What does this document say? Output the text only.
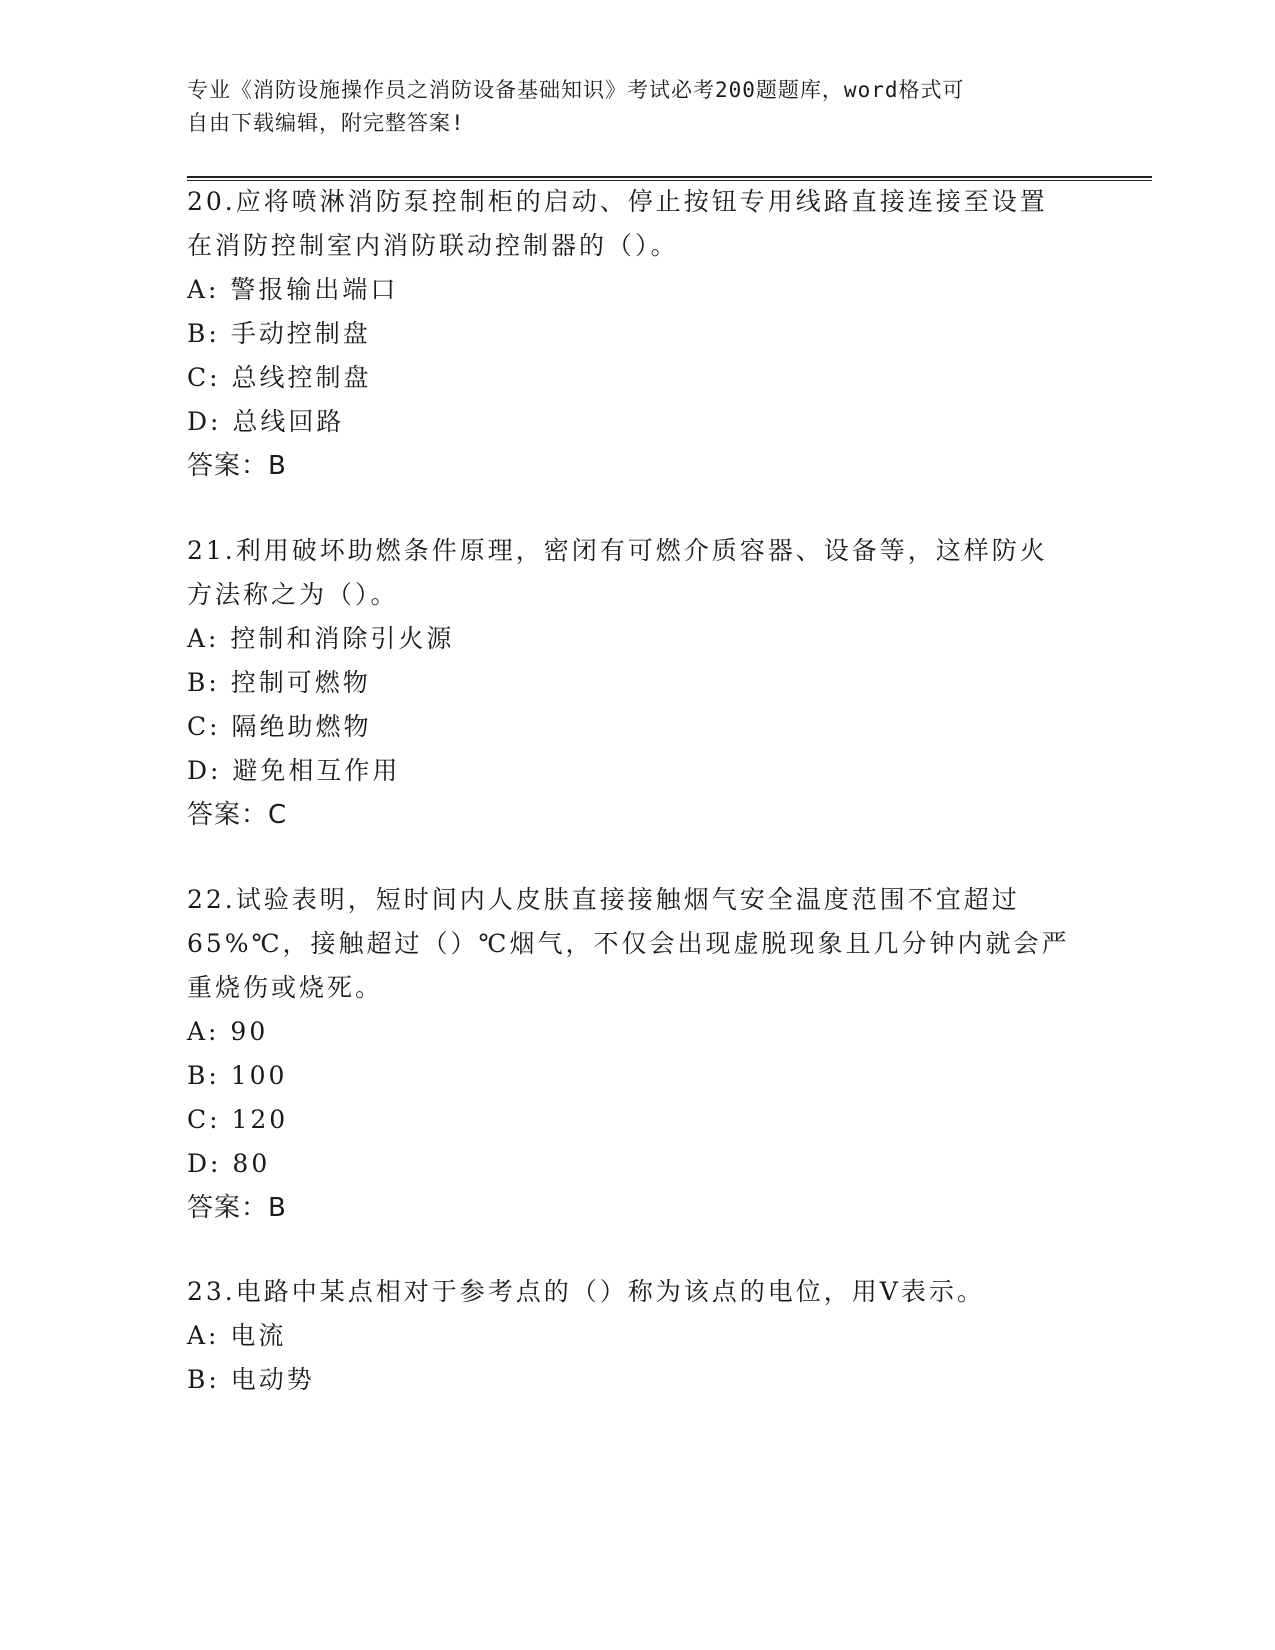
专业《消防设施操作员之消防设备基础知识》考试必考200题题库，word格式可
自由下载编辑，附完整答案!
20.应将喷淋消防泵控制柜的启动、停止按钮专用线路直接连接至设置
在消防控制室内消防联动控制器的（）。
A: 警报输出端口
B: 手动控制盘
C: 总线控制盘
D: 总线回路
答案：B
21.利用破坏助燃条件原理，密闭有可燃介质容器、设备等，这样防火
方法称之为（）。
A: 控制和消除引火源
B: 控制可燃物
C: 隔绝助燃物
D: 避免相互作用
答案：C
22.试验表明，短时间内人皮肤直接接触烟气安全温度范围不宜超过
65%℃，接触超过（）℃烟气，不仅会出现虚脱现象且几分钟内就会严
重烧伤或烧死。
A: 90
B: 100
C: 120
D: 80
答案：B
23.电路中某点相对于参考点的（）称为该点的电位，用V表示。
A: 电流
B: 电动势
